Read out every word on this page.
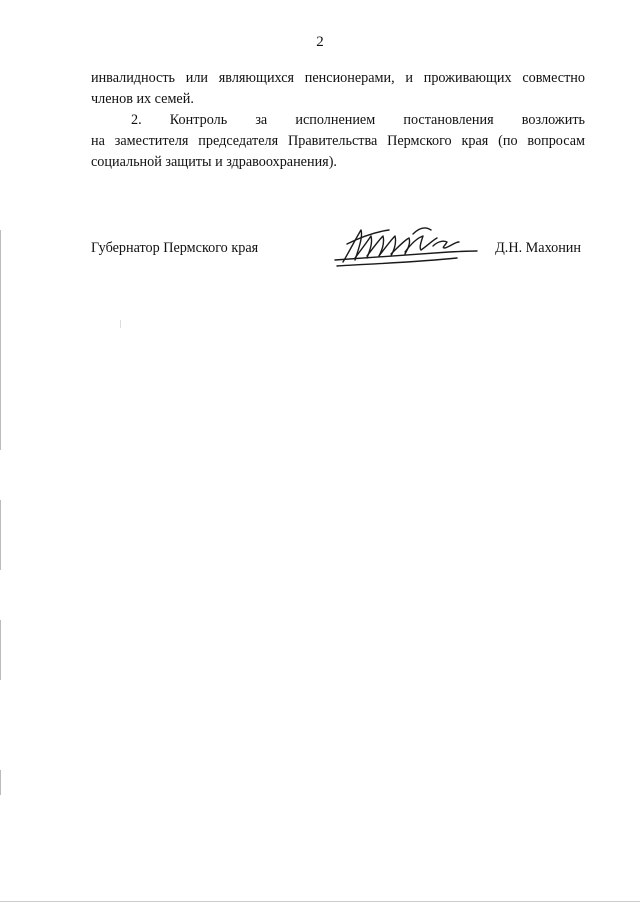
2

инвалидность или являющихся пенсионерами, и проживающих совместно

членов их семей.

2. Контроль за исполнением постановления возложить

на заместителя председателя Правительства Пермского края (по вопросам

социальной защиты и здравоохранения).

Губернатор Пермского края	Д.Н. Махонин
